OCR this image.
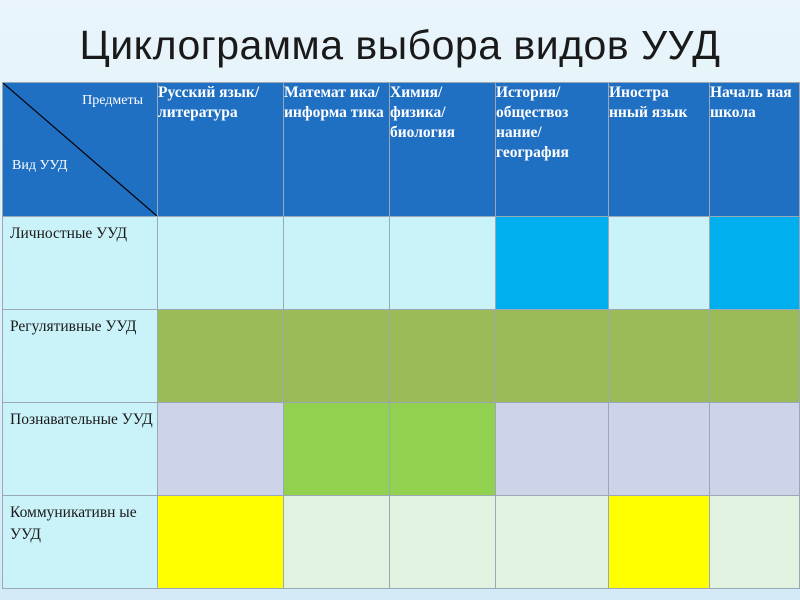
Циклограмма выбора видов УУД
Предметы
Вид УУД	Русский язык/ литература	Математ ика/ информа тика	Химия/ физика/ биология	История/ обществоз нание/ география	Иностра нный язык	Началь ная школа
Личностные УУД						
Регулятивные УУД						
Познавательные УУД						
Коммуникативн ые УУД						
